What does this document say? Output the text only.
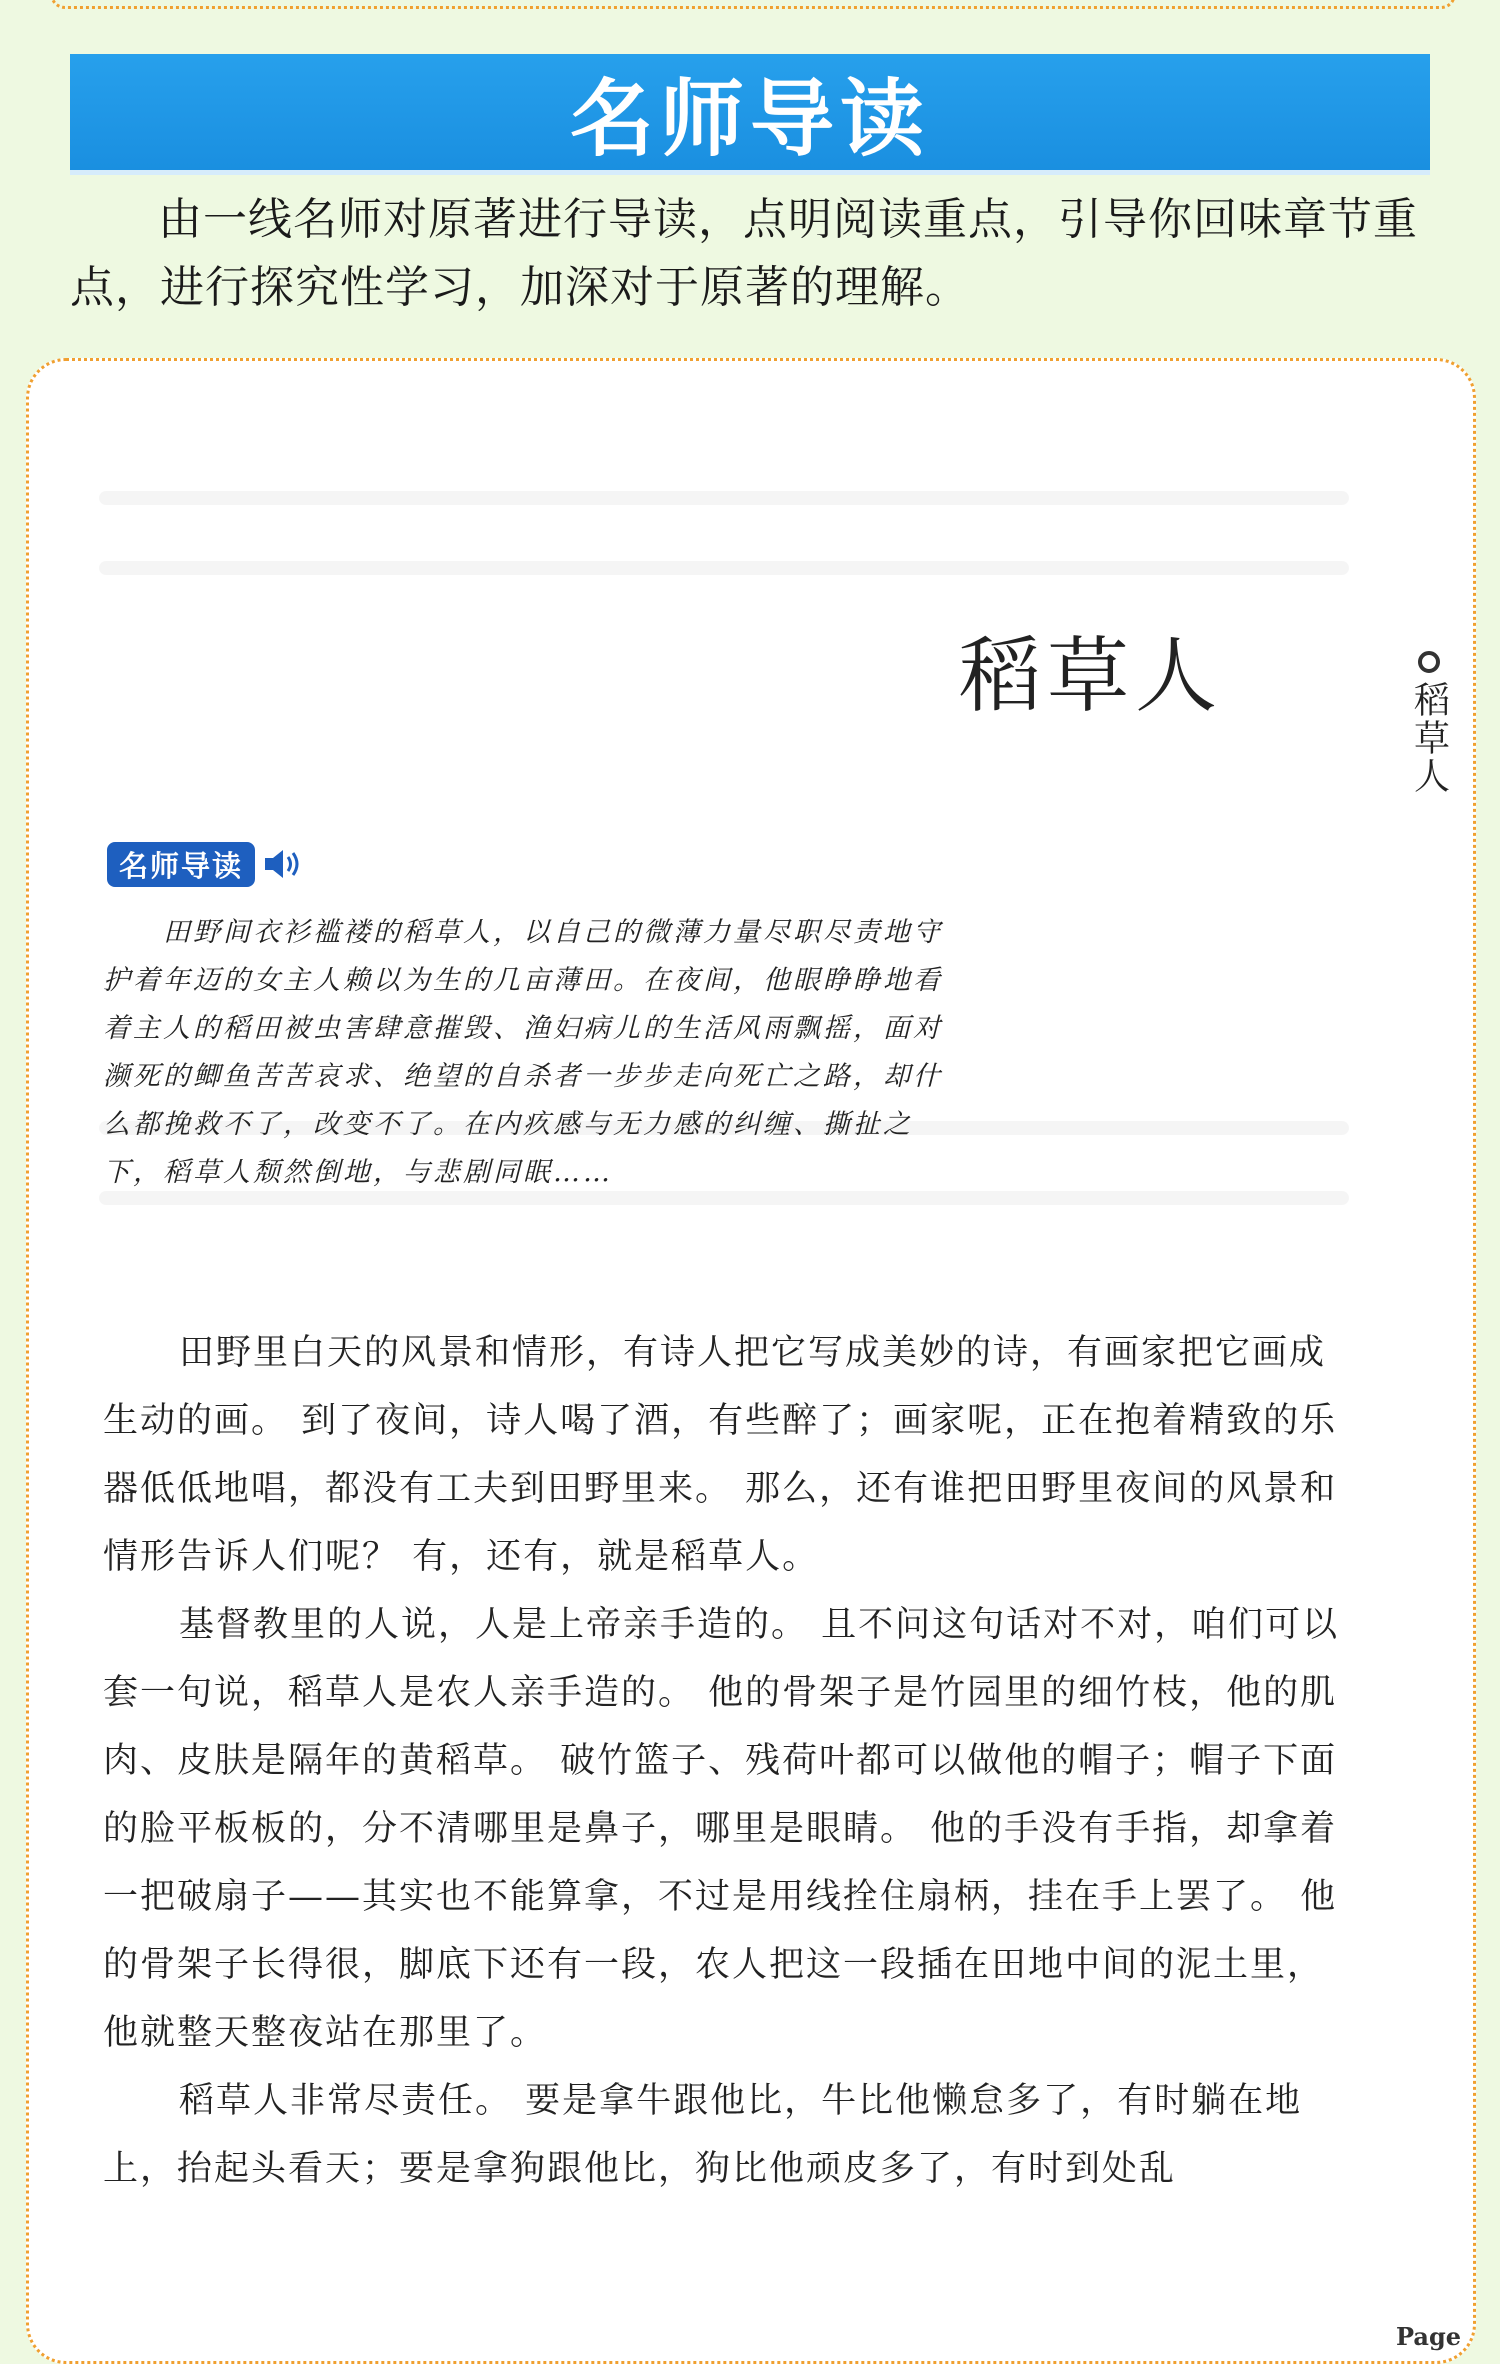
名师导读
由一线名师对原著进行导读，点明阅读重点，引导你回味章节重点，进行探究性学习，加深对于原著的理解。
稻草人
稻草人
名师导读
田野间衣衫褴褛的稻草人，以自己的微薄力量尽职尽责地守护着年迈的女主人赖以为生的几亩薄田。在夜间，他眼睁睁地看着主人的稻田被虫害肆意摧毁、渔妇病儿的生活风雨飘摇，面对濒死的鲫鱼苦苦哀求、绝望的自杀者一步步走向死亡之路，却什么都挽救不了，改变不了。在内疚感与无力感的纠缠、撕扯之下，稻草人颓然倒地，与悲剧同眠……

田野里白天的风景和情形，有诗人把它写成美妙的诗，有画家把它画成生动的画。 到了夜间，诗人喝了酒，有些醉了；画家呢，正在抱着精致的乐器低低地唱，都没有工夫到田野里来。 那么，还有谁把田野里夜间的风景和情形告诉人们呢？ 有，还有，就是稻草人。

基督教里的人说，人是上帝亲手造的。 且不问这句话对不对，咱们可以套一句说，稻草人是农人亲手造的。 他的骨架子是竹园里的细竹枝，他的肌肉、皮肤是隔年的黄稻草。 破竹篮子、残荷叶都可以做他的帽子；帽子下面的脸平板板的，分不清哪里是鼻子，哪里是眼睛。 他的手没有手指，却拿着一把破扇子——其实也不能算拿，不过是用线拴住扇柄，挂在手上罢了。 他的骨架子长得很，脚底下还有一段，农人把这一段插在田地中间的泥土里，他就整天整夜站在那里了。

稻草人非常尽责任。 要是拿牛跟他比，牛比他懒怠多了，有时躺在地上，抬起头看天；要是拿狗跟他比，狗比他顽皮多了，有时到处乱

Page
